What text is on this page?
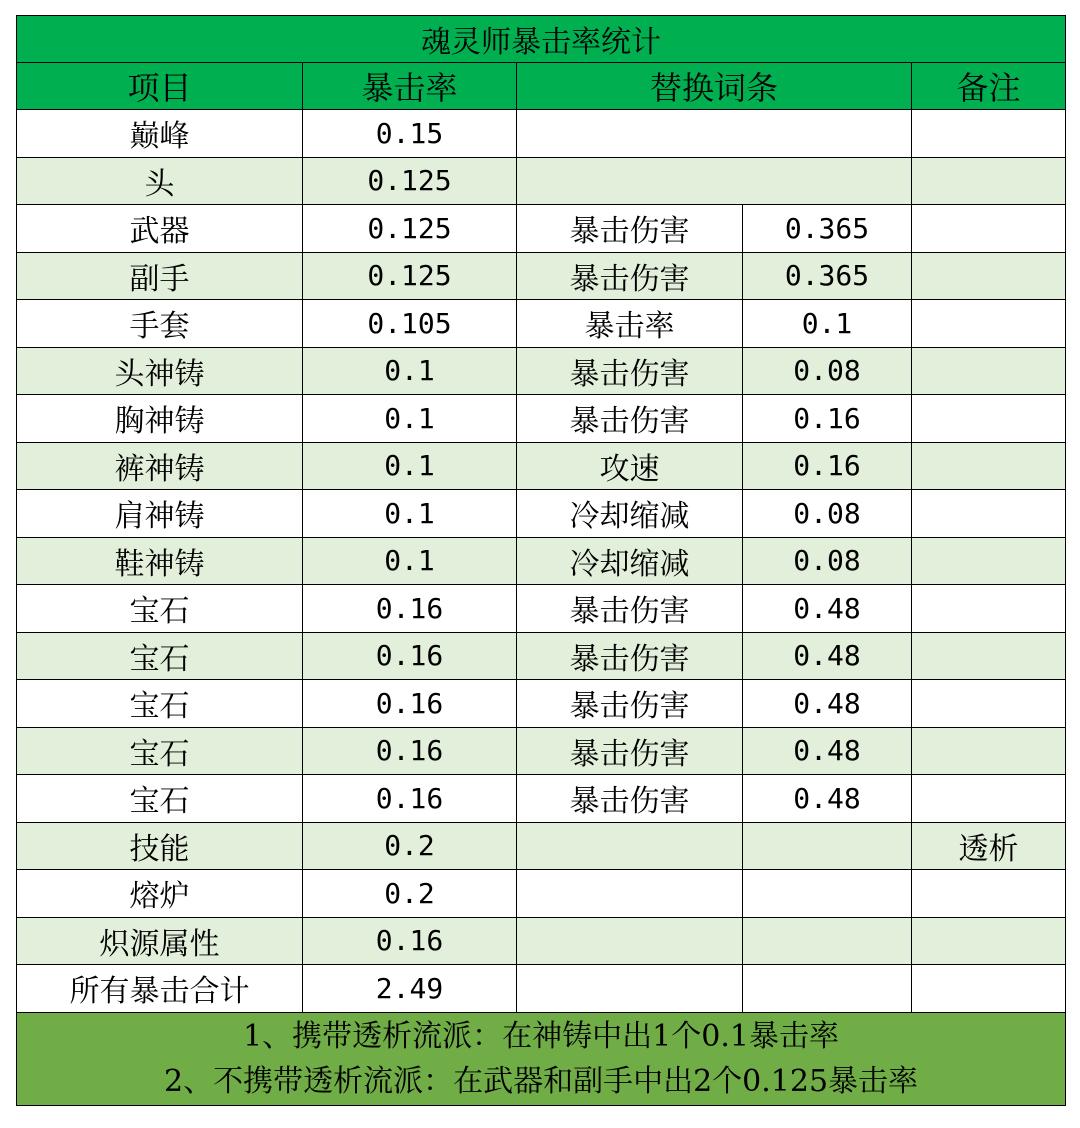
魂灵师暴击率统计				
项目	暴击率	替换词条		备注
巅峰	0.15			
头	0.125			
武器	0.125	暴击伤害	0.365	
副手	0.125	暴击伤害	0.365	
手套	0.105	暴击率	0.1	
头神铸	0.1	暴击伤害	0.08	
胸神铸	0.1	暴击伤害	0.16	
裤神铸	0.1	攻速	0.16	
肩神铸	0.1	冷却缩减	0.08	
鞋神铸	0.1	冷却缩减	0.08	
宝石	0.16	暴击伤害	0.48	
宝石	0.16	暴击伤害	0.48	
宝石	0.16	暴击伤害	0.48	
宝石	0.16	暴击伤害	0.48	
宝石	0.16	暴击伤害	0.48	
技能	0.2			透析
熔炉	0.2			
炽源属性	0.16			
所有暴击合计	2.49			

1、携带透析流派：在神铸中出1个0.1暴击率
2、不携带透析流派：在武器和副手中出2个0.125暴击率				
